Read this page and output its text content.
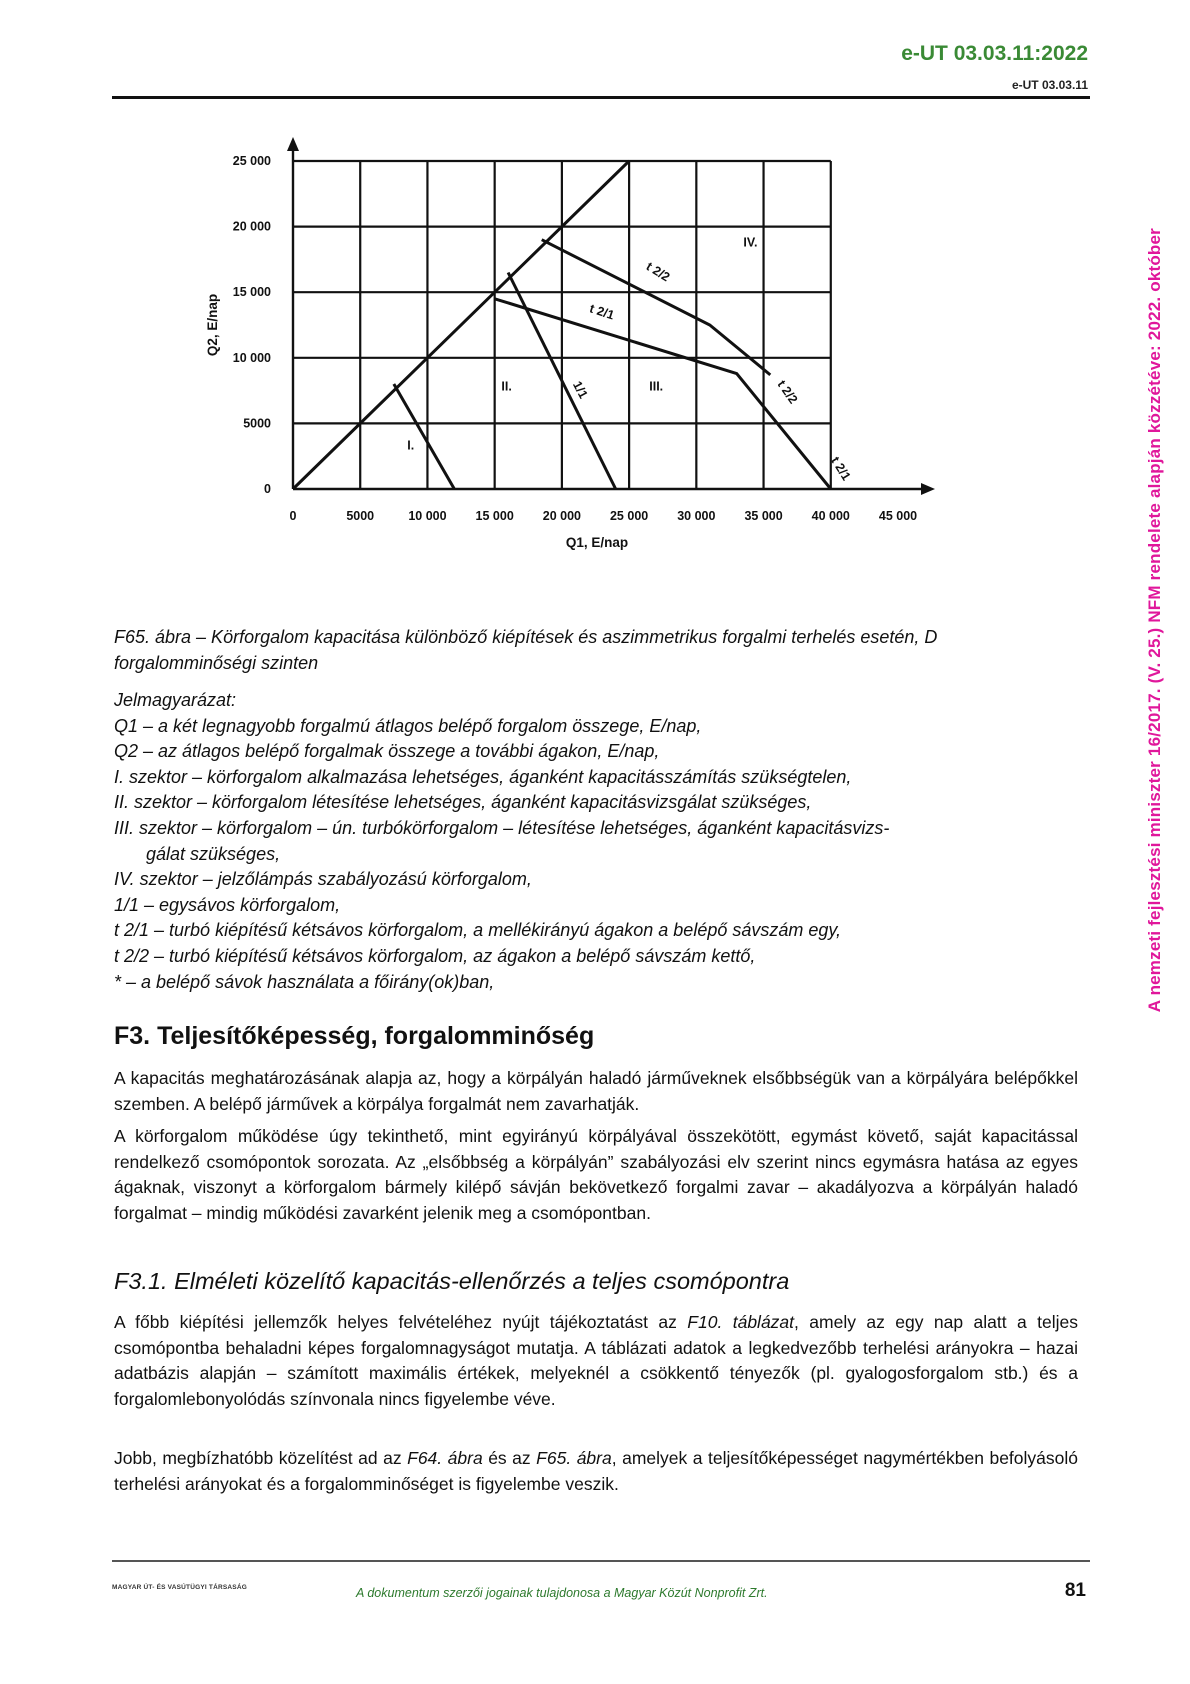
e-UT 03.03.11:2022
e-UT 03.03.11
A nemzeti fejlesztési miniszter 16/2017. (V. 25.) NFM rendelete alapján közzétéve: 2022. október
0	5000	10 000 15 000 20 000 25 000 30 000 35 000 40 000 45 000
0
5000
10 000
15 000
20 000
25 000
Q1, E/nap
Q2, E/nap
I.
II.	III.
IV.
1/1
t 2/1
t 2/2
t 2/2
t 2/1
F65. ábra – Körforgalom kapacitása különböző kiépítések és aszimmetrikus forgalmi terhelés esetén, D forgalomminőségi szinten
Jelmagyarázat:
Q1 – a két legnagyobb forgalmú átlagos belépő forgalom összege, E/nap,
Q2 – az átlagos belépő forgalmak összege a további ágakon, E/nap,
I. szektor – körforgalom alkalmazása lehetséges, áganként kapacitásszámítás szükségtelen,
II. szektor – körforgalom létesítése lehetséges, áganként kapacitásvizsgálat szükséges,
III. szektor – körforgalom – ún. turbókörforgalom – létesítése lehetséges, áganként kapacitásvizs-
gálat szükséges,
IV. szektor – jelzőlámpás szabályozású körforgalom,
1/1 – egysávos körforgalom,
t 2/1 – turbó kiépítésű kétsávos körforgalom, a mellékirányú ágakon a belépő sávszám egy,
t 2/2 – turbó kiépítésű kétsávos körforgalom, az ágakon a belépő sávszám kettő,
* – a belépő sávok használata a főirány(ok)ban,
F3. Teljesítőképesség, forgalomminőség
A kapacitás meghatározásának alapja az, hogy a körpályán haladó járműveknek elsőbbségük van a körpályára belépőkkel szemben. A belépő járművek a körpálya forgalmát nem zavarhatják.
A körforgalom működése úgy tekinthető, mint egyirányú körpályával összekötött, egymást követő, saját kapacitással rendelkező csomópontok sorozata. Az „elsőbbség a körpályán” szabályozási elv szerint nincs egymásra hatása az egyes ágaknak, viszonyt a körforgalom bármely kilépő sávján bekövetkező forgalmi zavar – akadályozva a körpályán haladó forgalmat – mindig működési zavarként jelenik meg a csomópontban.
F3.1. Elméleti közelítő kapacitás-ellenőrzés a teljes csomópontra
A főbb kiépítési jellemzők helyes felvételéhez nyújt tájékoztatást az F10. táblázat, amely az egy nap alatt a teljes csomópontba behaladni képes forgalomnagyságot mutatja. A táblázati adatok a legkedvezőbb terhelési arányokra – hazai adatbázis alapján – számított maximális értékek, melyeknél a csökkentő tényezők (pl. gyalogosforgalom stb.) és a forgalomlebonyolódás színvonala nincs figyelembe véve.
Jobb, megbízhatóbb közelítést ad az F64. ábra és az F65. ábra, amelyek a teljesítőképességet nagymértékben befolyásoló terhelési arányokat és a forgalomminőséget is figyelembe veszik.
MAGYAR ÚT- ÉS VASÚTÜGYI TÁRSASÁG	A dokumentum szerzői jogainak tulajdonosa a Magyar Közút Nonprofit Zrt.	81
